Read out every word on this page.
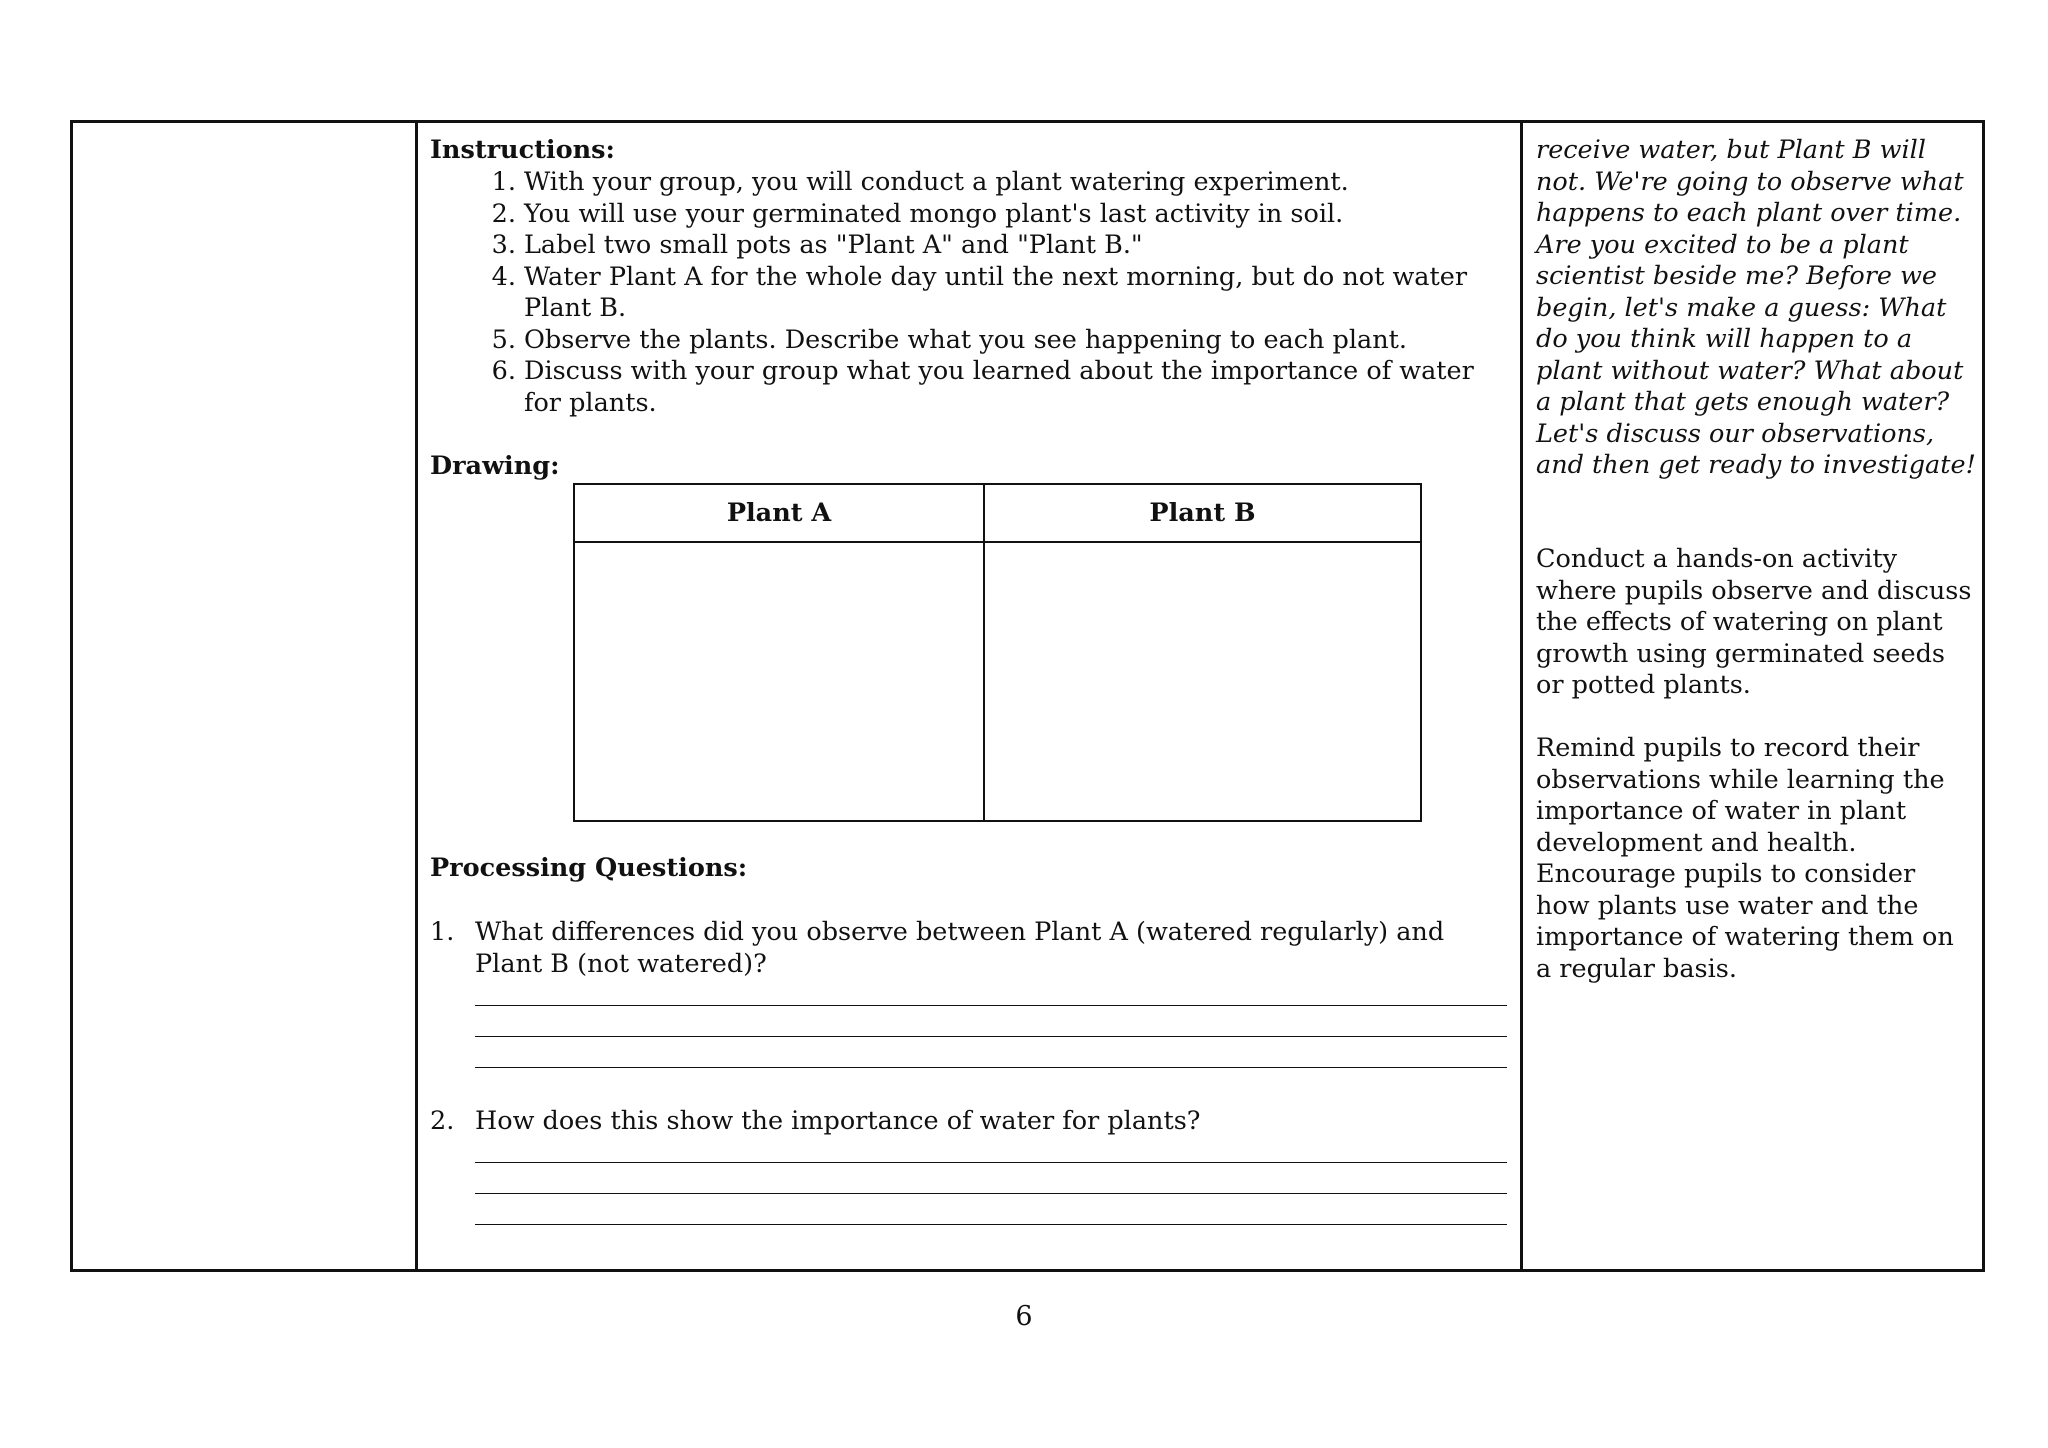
Instructions:
1. With your group, you will conduct a plant watering experiment.
2. You will use your germinated mongo plant's last activity in soil.
3. Label two small pots as "Plant A" and "Plant B."
4. Water Plant A for the whole day until the next morning, but do not water Plant B.
5. Observe the plants. Describe what you see happening to each plant.
6. Discuss with your group what you learned about the importance of water for plants.
Drawing:
Plant A	Plant B
Processing Questions:
1. What differences did you observe between Plant A (watered regularly) and Plant B (not watered)?
2. How does this show the importance of water for plants?
receive water, but Plant B will not. We're going to observe what happens to each plant over time. Are you excited to be a plant scientist beside me? Before we begin, let's make a guess: What do you think will happen to a plant without water? What about a plant that gets enough water? Let's discuss our observations, and then get ready to investigate!
Conduct a hands-on activity where pupils observe and discuss the effects of watering on plant growth using germinated seeds or potted plants.
Remind pupils to record their observations while learning the importance of water in plant development and health. Encourage pupils to consider how plants use water and the importance of watering them on a regular basis.
6
